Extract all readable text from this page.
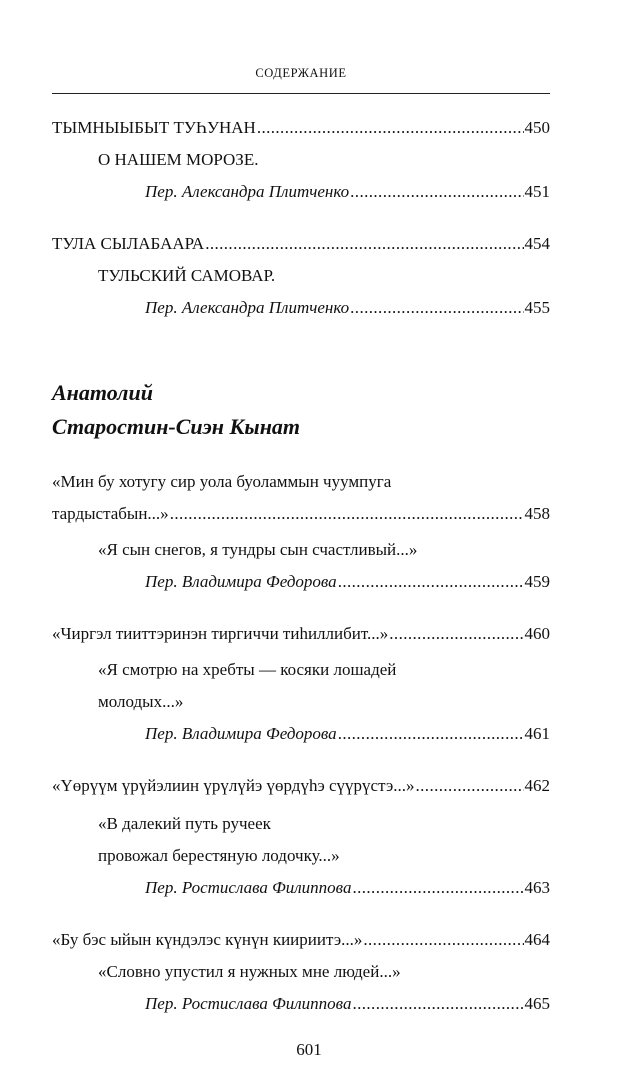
СОДЕРЖАНИЕ
ТЫМНЫЫБЫТ ТУҺУНАН .....	450
О НАШЕМ МОРОЗЕ.
Пер. Александра Плитченко .....	451
ТУЛА СЫЛАБААРА .....	454
ТУЛЬСКИЙ САМОВАР.
Пер. Александра Плитченко .....	455
Анатолий
Старостин-Сиэн Кынат
«Мин бу хотугу сир уола буоламмын чуумпуга
тардыстабын...» .....	458
«Я сын снегов, я тундры сын счастливый...»
Пер. Владимира Федорова .....	459
«Чиргэл тииттэринэн тиргиччи тиһиллибит...» .....	460
«Я смотрю на хребты — косяки лошадей
молодых...»
Пер. Владимира Федорова .....	461
«Үөрүүм үрүйэлиин үрүлүйэ үөрдүһэ сүүрүстэ...» .....	462
«В далекий путь ручеек
провожал берестяную лодочку...»
Пер. Ростислава Филиппова .....	463
«Бу бэс ыйын күндэлэс күнүн киириитэ...» .....	464
«Словно упустил я нужных мне людей...»
Пер. Ростислава Филиппова .....	465
601
